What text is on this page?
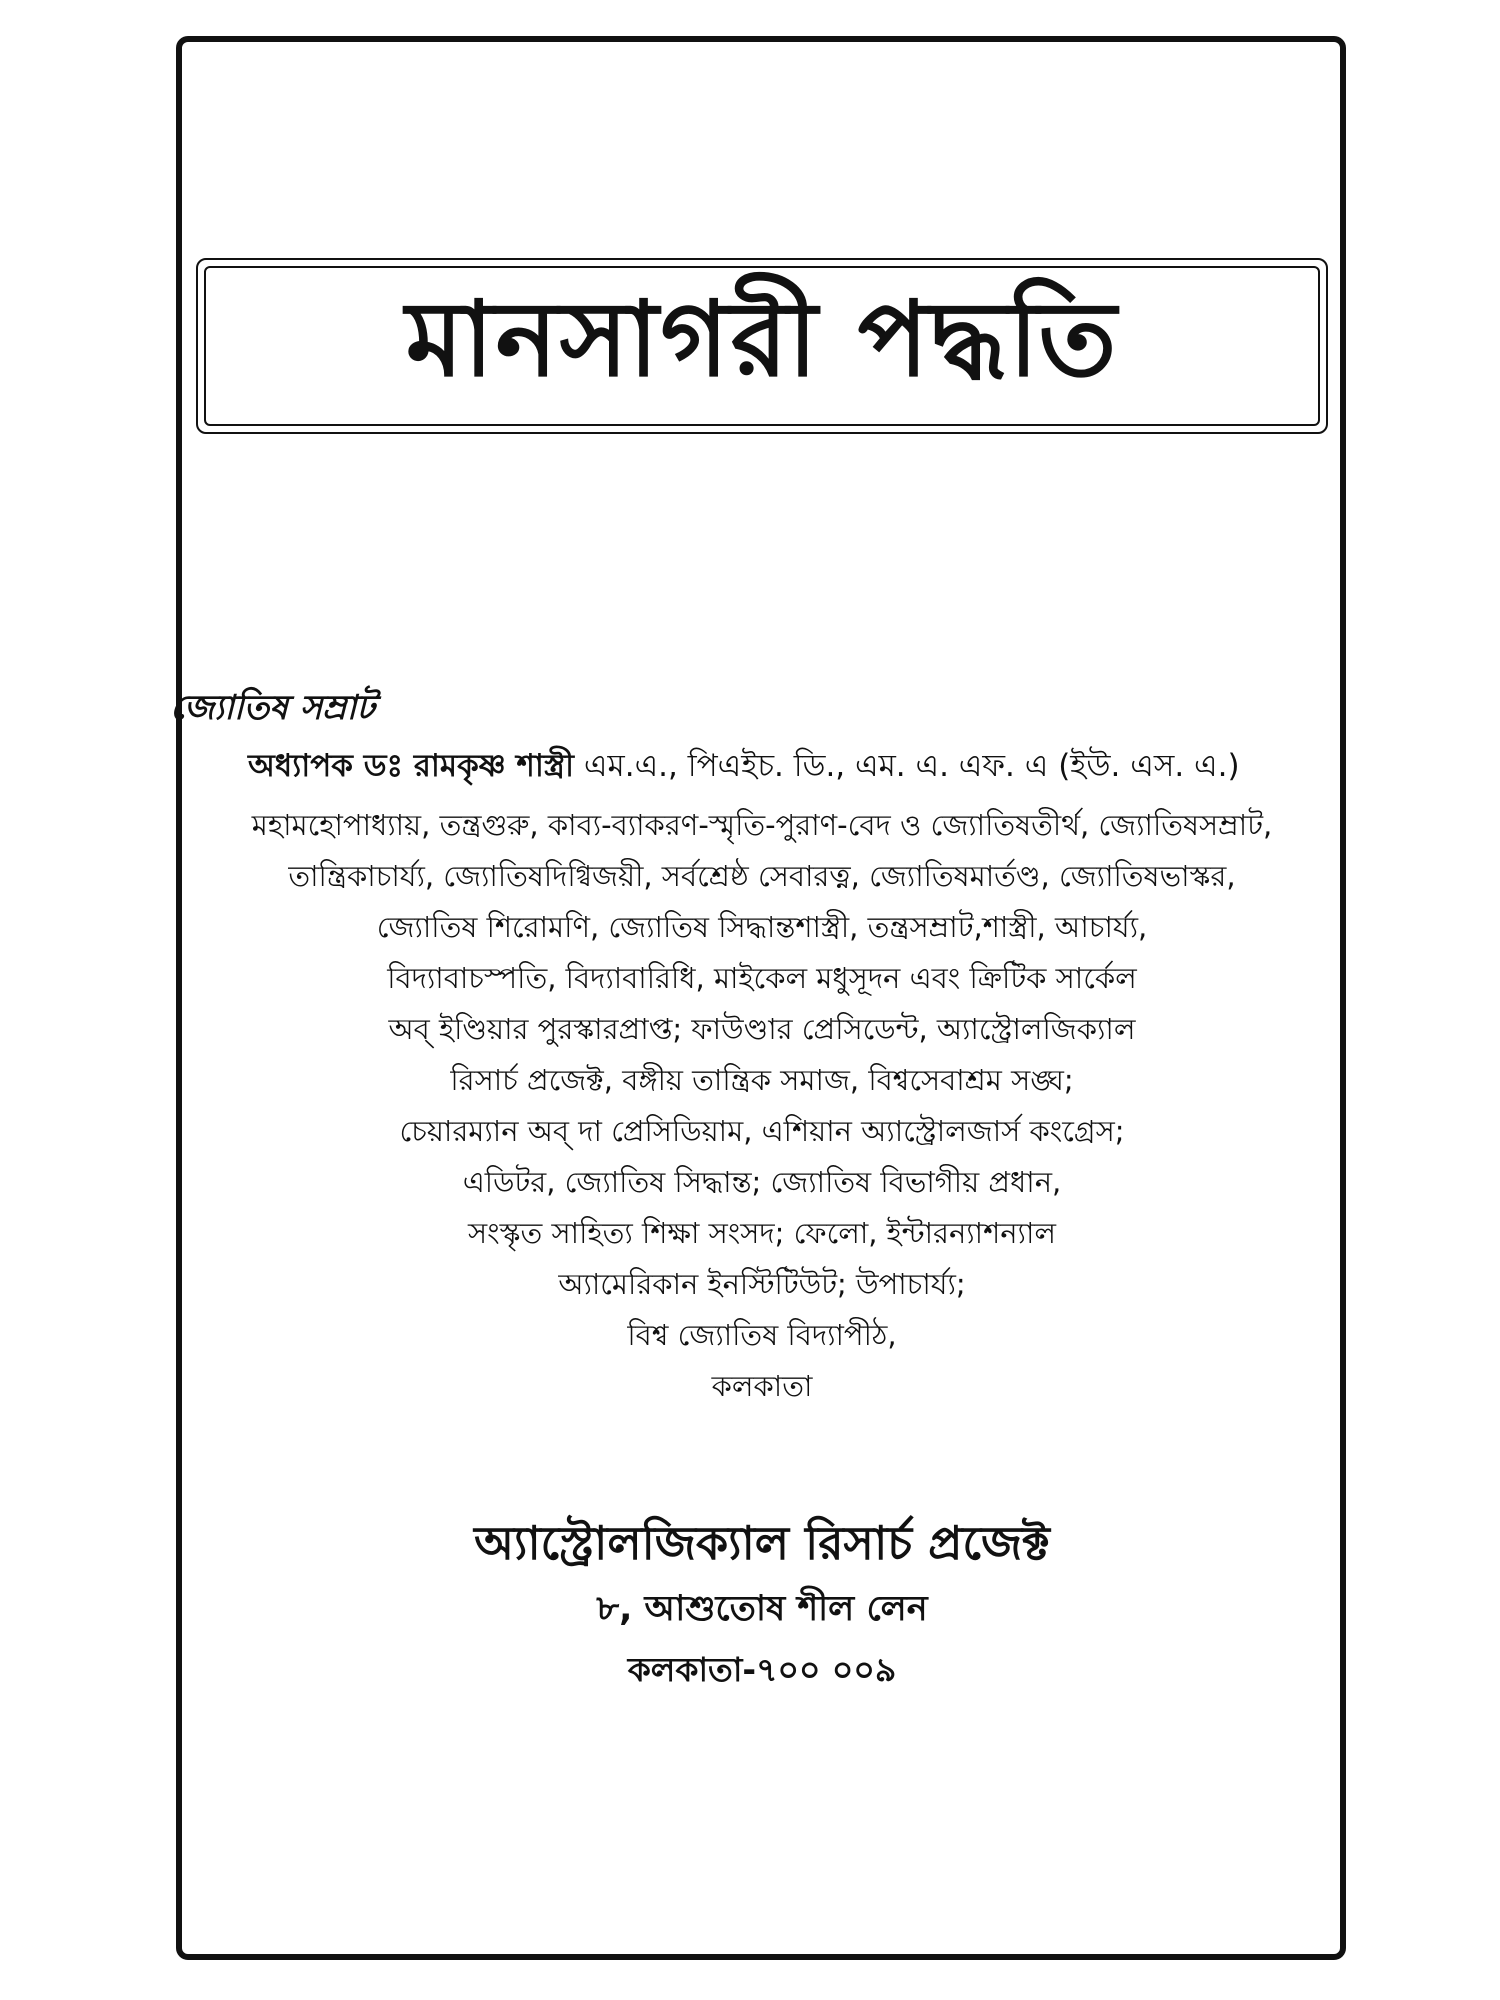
মানসাগরী পদ্ধতি
জ্যোতিষ সম্রাট
অধ্যাপক ডঃ রামকৃষ্ণ শাস্ত্রী এম.এ., পিএইচ. ডি., এম. এ. এফ. এ (ইউ. এস. এ.)
মহামহোপাধ্যায়, তন্ত্রগুরু, কাব্য-ব্যাকরণ-স্মৃতি-পুরাণ-বেদ ও জ্যোতিষতীর্থ, জ্যোতিষসম্রাট,
তান্ত্রিকাচার্য্য, জ্যোতিষদিগ্বিজয়ী, সর্বশ্রেষ্ঠ সেবারত্ন, জ্যোতিষমার্তণ্ড, জ্যোতিষভাস্কর,
জ্যোতিষ শিরোমণি, জ্যোতিষ সিদ্ধান্তশাস্ত্রী, তন্ত্রসম্রাট,শাস্ত্রী, আচার্য্য,
বিদ্যাবাচস্পতি, বিদ্যাবারিধি, মাইকেল মধুসূদন এবং ক্রিটিক সার্কেল
অব্ ইণ্ডিয়ার পুরস্কারপ্রাপ্ত; ফাউণ্ডার প্রেসিডেন্ট, অ্যাস্ট্রোলজিক্যাল
রিসার্চ প্রজেক্ট, বঙ্গীয় তান্ত্রিক সমাজ, বিশ্বসেবাশ্রম সঙ্ঘ;
চেয়ারম্যান অব্ দা প্রেসিডিয়াম, এশিয়ান অ্যাস্ট্রোলজার্স কংগ্রেস;
এডিটর, জ্যোতিষ সিদ্ধান্ত; জ্যোতিষ বিভাগীয় প্রধান,
সংস্কৃত সাহিত্য শিক্ষা সংসদ; ফেলো, ইন্টারন্যাশন্যাল
অ্যামেরিকান ইনস্টিটিউট; উপাচার্য্য;
বিশ্ব জ্যোতিষ বিদ্যাপীঠ,
কলকাতা
অ্যাস্ট্রোলজিক্যাল রিসার্চ প্রজেক্ট
৮, আশুতোষ শীল লেন
কলকাতা-৭০০ ০০৯
